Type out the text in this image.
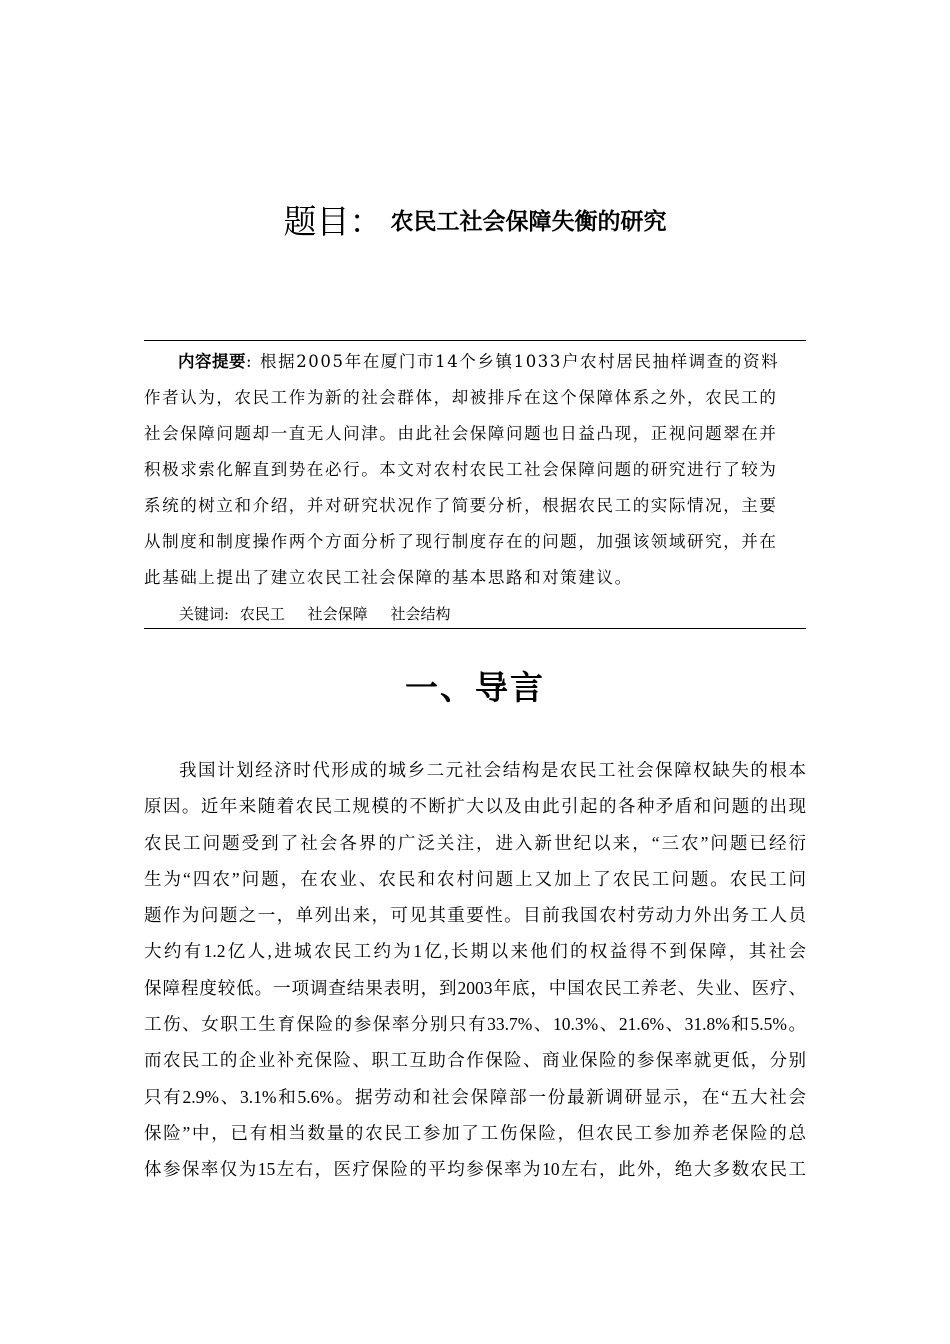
题目： 农民工社会保障失衡的研究
内容提要: 根据2005年在厦门市14个乡镇1033户农村居民抽样调查的资料
作者认为，农民工作为新的社会群体，却被排斥在这个保障体系之外，农民工的
社会保障问题却一直无人问津。由此社会保障问题也日益凸现，正视问题翠在并
积极求索化解直到势在必行。本文对农村农民工社会保障问题的研究进行了较为
系统的树立和介绍，并对研究状况作了简要分析，根据农民工的实际情况，主要
从制度和制度操作两个方面分析了现行制度存在的问题，加强该领域研究，并在
此基础上提出了建立农民工社会保障的基本思路和对策建议。
关键词: 农民工 社会保障 社会结构
一、导言
我国计划经济时代形成的城乡二元社会结构是农民工社会保障权缺失的根本
原因。近年来随着农民工规模的不断扩大以及由此引起的各种矛盾和问题的出现
农民工问题受到了社会各界的广泛关注，进入新世纪以来，“三农”问题已经衍
生为“四农”问题，在农业、农民和农村问题上又加上了农民工问题。农民工问
题作为问题之一，单列出来，可见其重要性。目前我国农村劳动力外出务工人员
大约有1.2亿人,进城农民工约为1亿,长期以来他们的权益得不到保障，其社会
保障程度较低。一项调查结果表明，到2003年底，中国农民工养老、失业、医疗、
工伤、女职工生育保险的参保率分别只有33.7%、10.3%、21.6%、31.8%和5.5%。
而农民工的企业补充保险、职工互助合作保险、商业保险的参保率就更低，分别
只有2.9%、3.1%和5.6%。据劳动和社会保障部一份最新调研显示，在“五大社会
保险”中，已有相当数量的农民工参加了工伤保险，但农民工参加养老保险的总
体参保率仅为15左右，医疗保险的平均参保率为10左右，此外，绝大多数农民工
